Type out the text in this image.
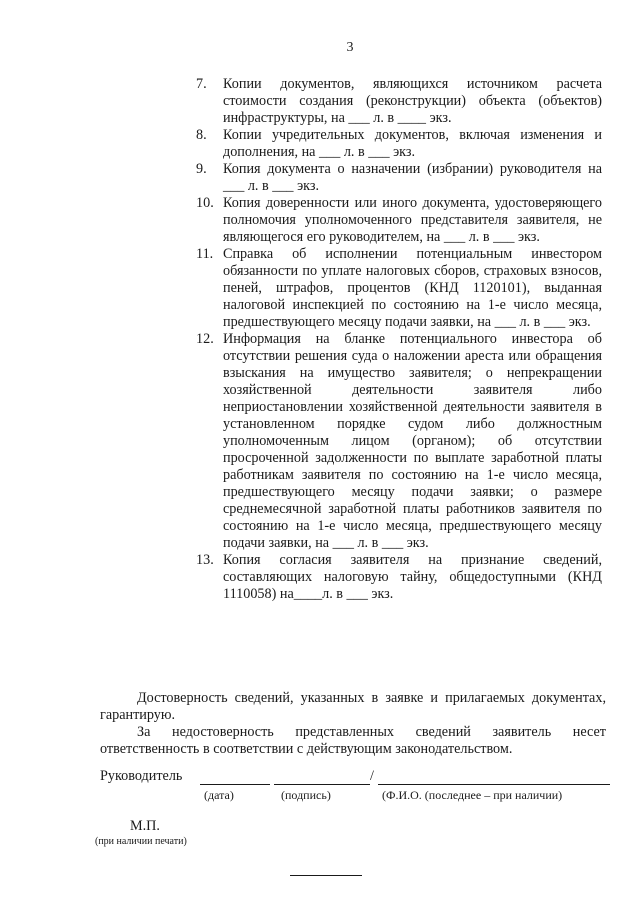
3
7.	Копии документов, являющихся источником расчета стоимости создания (реконструкции) объекта (объектов) инфраструктуры, на ___ л. в ____ экз.
8.	Копии учредительных документов, включая изменения и дополнения, на ___ л. в ___ экз.
9.	Копия документа о назначении (избрании) руководителя на ___ л. в ___ экз.
10. Копия доверенности или иного документа, удостоверяющего полномочия уполномоченного представителя заявителя, не являющегося его руководителем, на ___ л. в ___ экз.
11. Справка об исполнении потенциальным инвестором обязанности по уплате налоговых сборов, страховых взносов, пеней, штрафов, процентов (КНД 1120101), выданная налоговой инспекцией по состоянию на 1-е число месяца, предшествующего месяцу подачи заявки, на ___ л. в ___ экз.
12. Информация на бланке потенциального инвестора об отсутствии решения суда о наложении ареста или обращения взыскания на имущество заявителя; о непрекращении хозяйственной деятельности заявителя либо неприостановлении хозяйственной деятельности заявителя в установленном порядке судом либо должностным уполномоченным лицом (органом); об отсутствии просроченной задолженности по выплате заработной платы работникам заявителя по состоянию на 1-е число месяца, предшествующего месяцу подачи заявки; о размере среднемесячной заработной платы работников заявителя по состоянию на 1-е число месяца, предшествующего месяцу подачи заявки, на ___ л. в ___ экз.
13. Копия согласия заявителя на признание сведений, составляющих налоговую тайну, общедоступными (КНД 1110058) на____л. в ___ экз.
Достоверность сведений, указанных в заявке и прилагаемых документах, гарантирую.
За недостоверность представленных сведений заявитель несет ответственность в соответствии с действующим законодательством.
Руководитель	/
(дата)	(подпись)	(Ф.И.О. (последнее – при наличии)
М.П.
(при наличии печати)
